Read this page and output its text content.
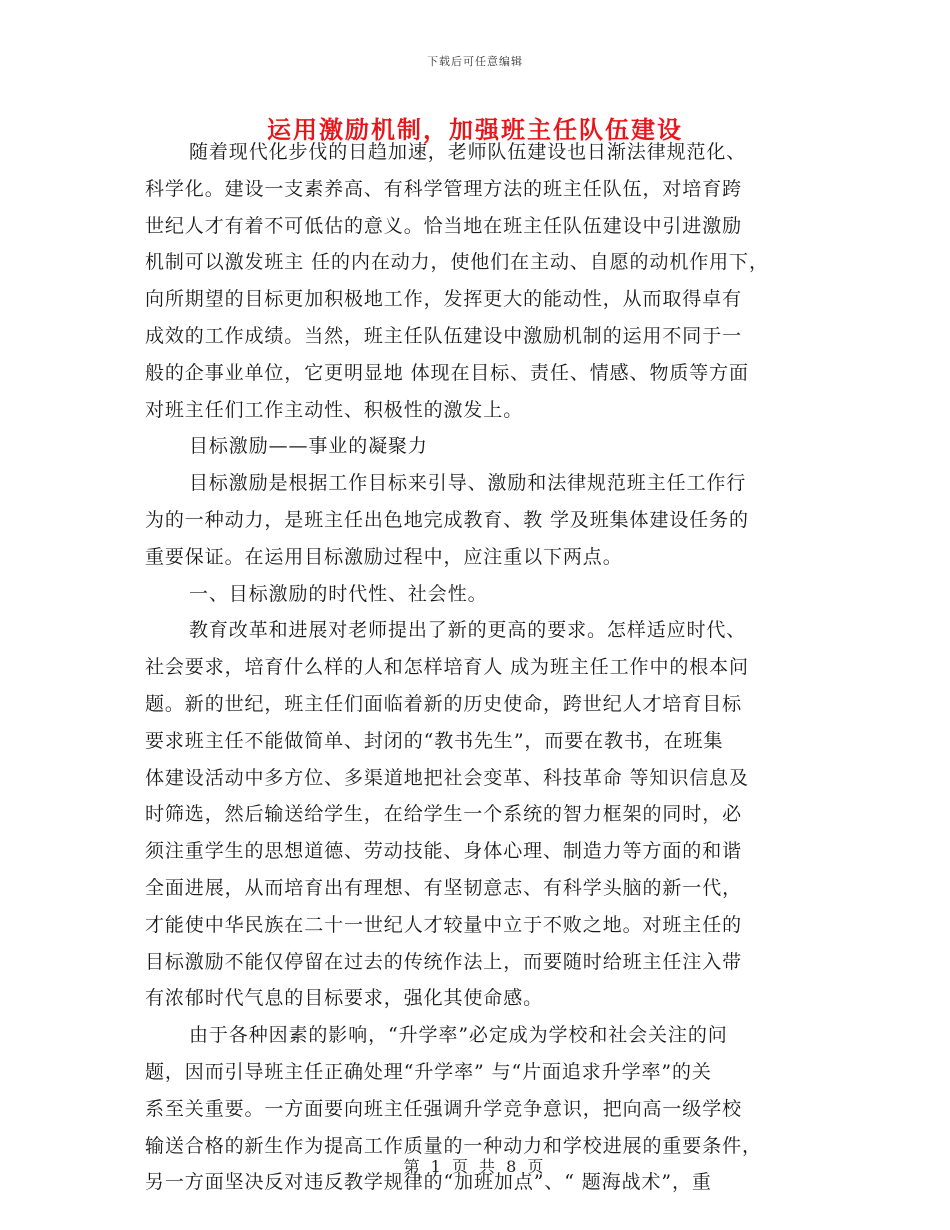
下载后可任意编辑
运用激励机制，加强班主任队伍建设
随着现代化步伐的日趋加速，老师队伍建设也日渐法律规范化、
科学化。建设一支素养高、有科学管理方法的班主任队伍，对培育跨
世纪人才有着不可低估的意义。恰当地在班主任队伍建设中引进激励
机制可以激发班主 任的内在动力，使他们在主动、自愿的动机作用下，
向所期望的目标更加积极地工作，发挥更大的能动性，从而取得卓有
成效的工作成绩。当然，班主任队伍建设中激励机制的运用不同于一
般的企事业单位，它更明显地 体现在目标、责任、情感、物质等方面
对班主任们工作主动性、积极性的激发上。
目标激励——事业的凝聚力
目标激励是根据工作目标来引导、激励和法律规范班主任工作行
为的一种动力，是班主任出色地完成教育、教 学及班集体建设任务的
重要保证。在运用目标激励过程中，应注重以下两点。
一、目标激励的时代性、社会性。
教育改革和进展对老师提出了新的更高的要求。怎样适应时代、
社会要求，培育什么样的人和怎样培育人 成为班主任工作中的根本问
题。新的世纪，班主任们面临着新的历史使命，跨世纪人才培育目标
要求班主任不能做简单、封闭的“教书先生”，而要在教书，在班集
体建设活动中多方位、多渠道地把社会变革、科技革命 等知识信息及
时筛选，然后输送给学生，在给学生一个系统的智力框架的同时，必
须注重学生的思想道德、劳动技能、身体心理、制造力等方面的和谐
全面进展，从而培育出有理想、有坚韧意志、有科学头脑的新一代，
才能使中华民族在二十一世纪人才较量中立于不败之地。对班主任的
目标激励不能仅停留在过去的传统作法上，而要随时给班主任注入带
有浓郁时代气息的目标要求，强化其使命感。
由于各种因素的影响，“升学率”必定成为学校和社会关注的问
题，因而引导班主任正确处理“升学率” 与“片面追求升学率”的关
系至关重要。一方面要向班主任强调升学竞争意识，把向高一级学校
输送合格的新生作为提高工作质量的一种动力和学校进展的重要条件，
另一方面坚决反对违反教学规律的“加班加点”、“ 题海战术”，重
第 1 页 共 8 页
